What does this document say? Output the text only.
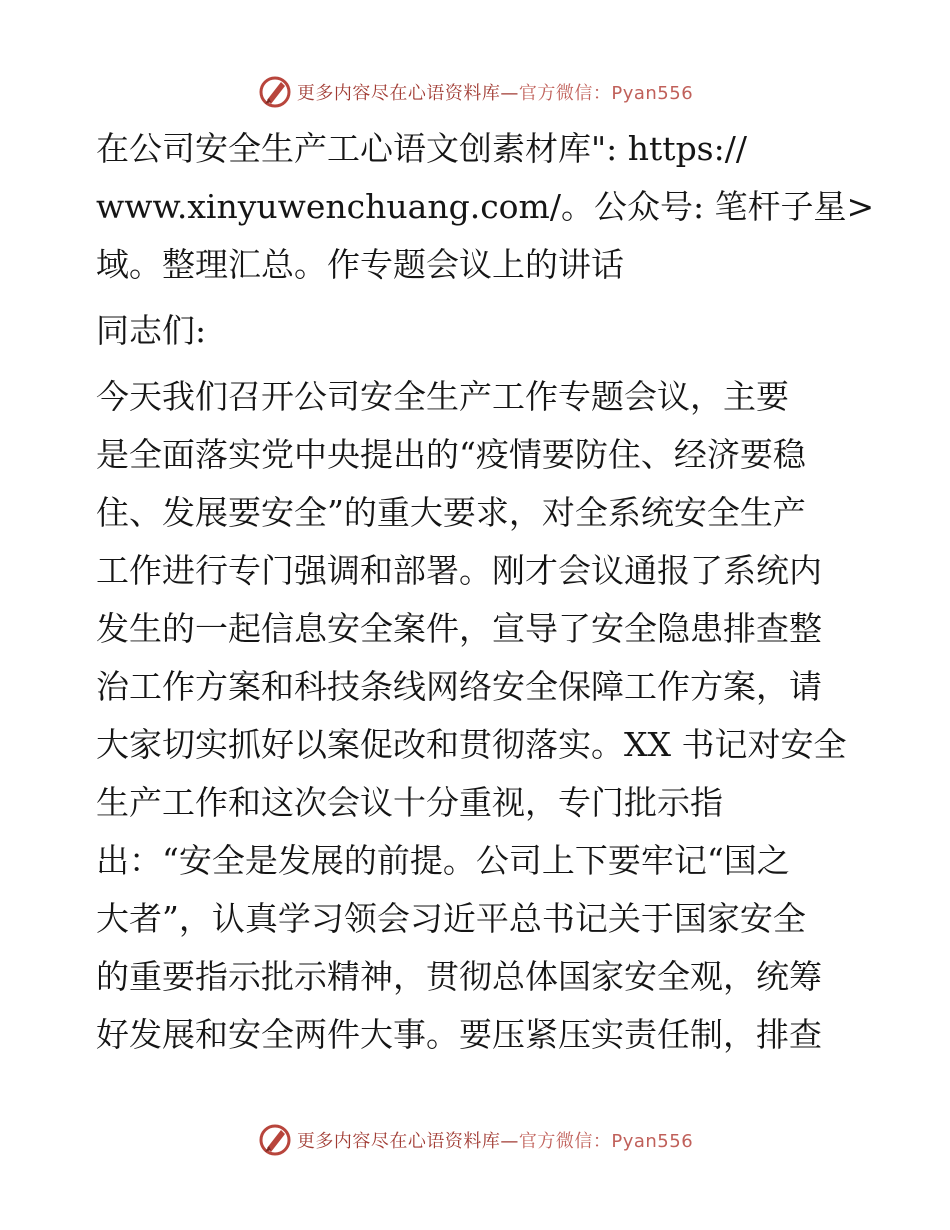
更多内容尽在心语资料库—官方微信：Pyan556
在公司安全生产工心语文创素材库": https://
www.xinyuwenchuang.com/。公众号: 笔杆子星>
域。整理汇总。作专题会议上的讲话
同志们:
今天我们召开公司安全生产工作专题会议，主要
是全面落实党中央提出的“疫情要防住、经济要稳
住、发展要安全”的重大要求，对全系统安全生产
工作进行专门强调和部署。刚才会议通报了系统内
发生的一起信息安全案件，宣导了安全隐患排查整
治工作方案和科技条线网络安全保障工作方案，请
大家切实抓好以案促改和贯彻落实。XX 书记对安全
生产工作和这次会议十分重视，专门批示指
出：“安全是发展的前提。公司上下要牢记“国之
大者”，认真学习领会习近平总书记关于国家安全
的重要指示批示精神，贯彻总体国家安全观，统筹
好发展和安全两件大事。要压紧压实责任制，排查
更多内容尽在心语资料库—官方微信：Pyan556
